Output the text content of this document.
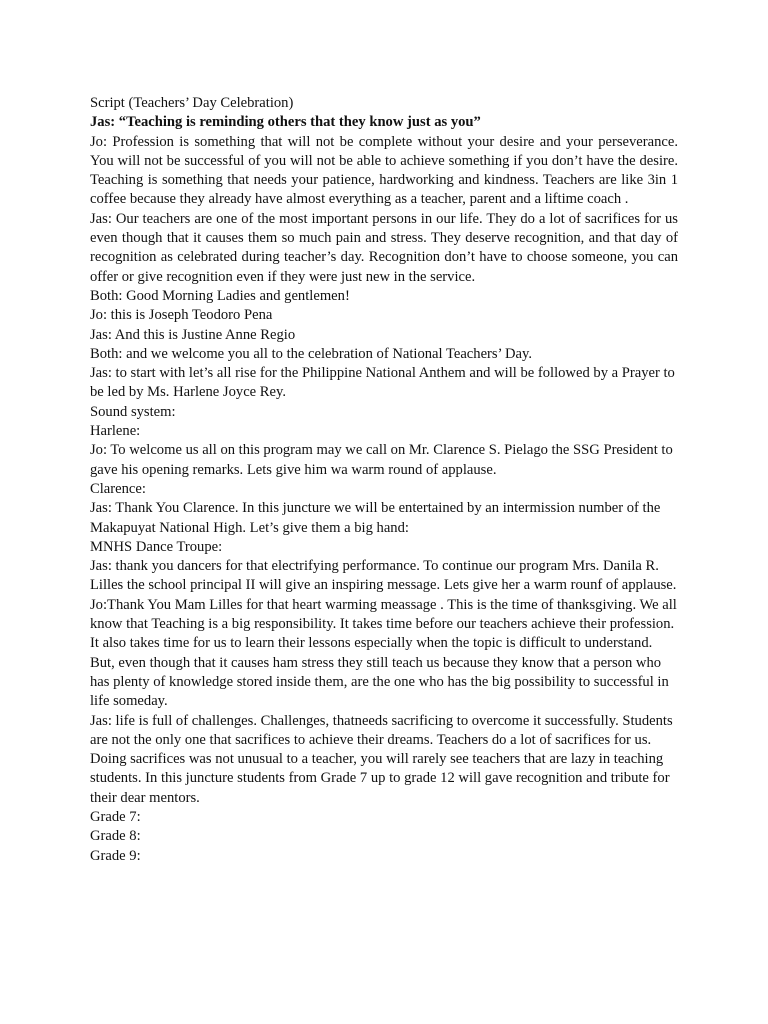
Script (Teachers’ Day Celebration)

Jas: “Teaching is reminding others that they know just as you”

Jo: Profession is something that will not be complete without your desire and your perseverance. You will not be successful of you will not be able to achieve something if you don’t have the desire. Teaching is something that needs your patience, hardworking and kindness. Teachers are like 3in 1 coffee because they already have almost everything as a teacher, parent and a liftime coach .

Jas: Our teachers are one of the most important persons in our life. They do a lot of sacrifices for us even though that it causes them so much pain and stress. They deserve recognition, and that day of recognition as celebrated during teacher’s day. Recognition don’t have to choose someone, you can offer or give recognition even if they were just new in the service.

Both: Good Morning Ladies and gentlemen!

Jo: this is Joseph Teodoro Pena

Jas: And this is Justine Anne Regio

Both: and we welcome you all to the celebration of National Teachers’ Day.

Jas: to start with let’s all rise for the Philippine National Anthem and will be followed by a Prayer to be led by Ms. Harlene Joyce Rey.

Sound system:

Harlene:

Jo: To welcome us all on this program may we call on Mr. Clarence S. Pielago the SSG President to gave his opening remarks. Lets give him wa warm round of applause.

Clarence:

Jas: Thank You Clarence. In this juncture we will be entertained by an intermission number of the Makapuyat National High. Let’s give them a big hand:

MNHS Dance Troupe:

Jas: thank you dancers for that electrifying performance. To continue our program Mrs. Danila R. Lilles the school principal II will give an inspiring message. Lets give her a warm rounf of applause.

Jo:Thank You Mam Lilles for that heart warming meassage . This is the time of thanksgiving. We all know that Teaching is a big responsibility. It takes time before our teachers achieve their profession. It also takes time for us to learn their lessons especially when the topic is difficult to understand. But, even though that it causes ham stress they still teach us because they know that a person who has plenty of knowledge stored inside them, are the one who has the big possibility to successful in life someday.

Jas: life is full of challenges. Challenges, thatneeds sacrificing to overcome it successfully. Students are not the only one that sacrifices to achieve their dreams. Teachers do a lot of sacrifices for us. Doing sacrifices was not unusual to a teacher, you will rarely see teachers that are lazy in teaching students. In this juncture students from Grade 7 up to grade 12 will gave recognition and tribute for their dear mentors.

Grade 7:

Grade 8:

Grade 9:
